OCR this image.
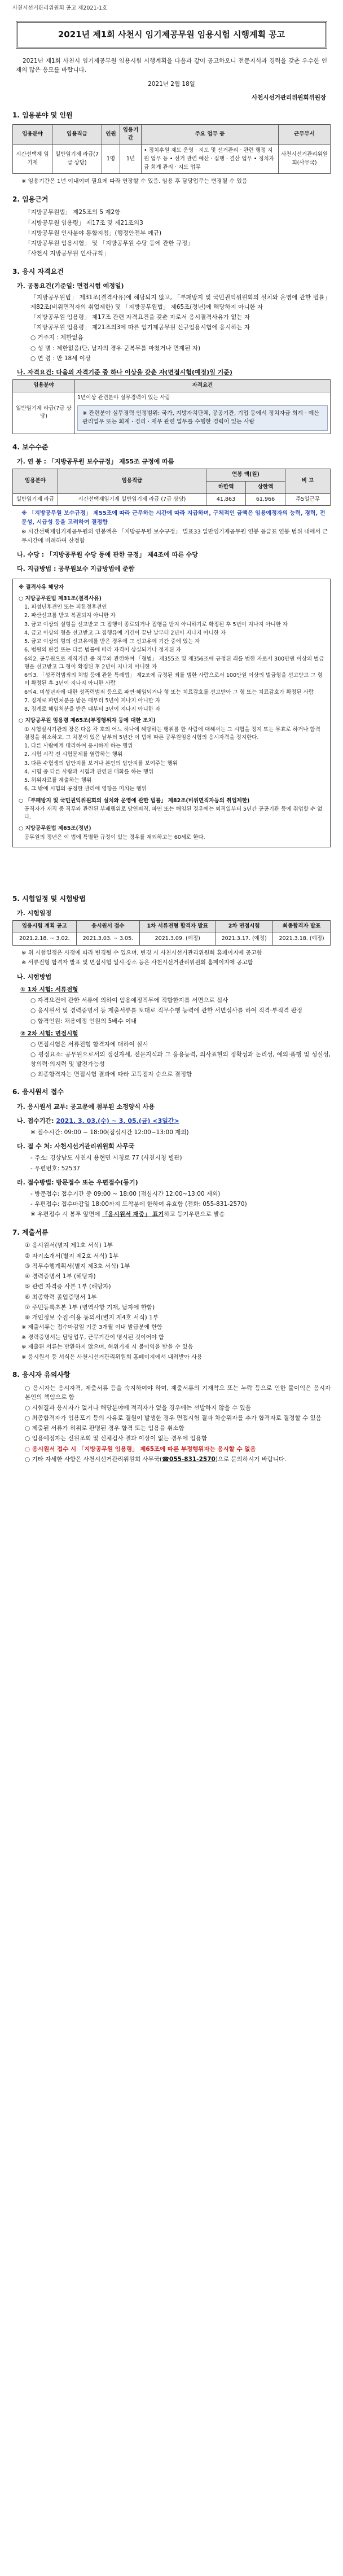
사천시선거관리위원회 공고 제2021-1호
2021년 제1회 사천시 임기제공무원 임용시험 시행계획 공고

2021년 제1회 사천시 임기제공무원 임용시험 시행계획을 다음과 같이 공고하오니 전문지식과 경력을 갖춘 우수한 인재의 많은 응모를 바랍니다.

2021년 2월 18일
사천시선거관리위원회위원장
1. 임용분야 및 인원
임용분야	임용직급	인원	임용기간	주요 업무 등	근무부서
시간선택제 임기제	일반임기제 라급(7급 상당)	1명	1년	• 정치후원 제도 운영 · 지도 및 선거관리 · 관련 행정 지원 업무 등 • 선거 관련 예산 · 집행 · 결산 업무 • 정치자금 회계 관리 · 지도 업무	사천시선거관리위원회(사무국)

※ 임용기간은 1년 이내이며 필요에 따라 연장할 수 있음. 임용 후 담당업무는 변경될 수 있음

2. 임용근거

「지방공무원법」 제25조의 5 제2항

「지방공무원 임용령」 제17조 및 제21조의3

「지방공무원 인사분야 통합지침」(행정안전부 예규)

「지방공무원 임용시험」 및 「지방공무원 수당 등에 관한 규정」

「사천시 지방공무원 인사규칙」

3. 응시 자격요건
가. 공통요건(기준일: 면접시험 예정일)

「지방공무원법」 제31조(결격사유)에 해당되지 않고, 「부패방지 및 국민권익위원회의 설치와 운영에 관한 법률」 제82조(비위면직자의 취업제한) 및 「지방공무원법」 제65조(정년)에 해당하지 아니한 자

「지방공무원 임용령」 제17조 관련 자격요건을 갖춘 자로서 응시결격사유가 없는 자

「지방공무원 임용령」 제21조의3에 따른 임기제공무원 신규임용시험에 응시하는 자

○ 거주지 : 제한없음

○ 성 별 : 제한없음(단, 남자의 경우 군복무를 마쳤거나 면제된 자)

○ 연 령 : 만 18세 이상

나. 자격요건: 다음의 자격기준 중 하나 이상을 갖춘 자(면접시험(예정)일 기준)
임용분야	자격요건
일반임기제 라급(7급 상당)	1년이상 관련분야 실무경력이 있는 사람
※ 관련분야 실무경력 인정범위: 국가, 지방자치단체, 공공기관, 기업 등에서 정치자금 회계 · 예산 관리업무 또는 회계 · 경리 · 재무 관련 업무를 수행한 경력이 있는 사람
4. 보수수준
가. 연 봉 : 「지방공무원 보수규정」 제55조 규정에 따름
임용분야	임용직급	연봉 액(원)		비 고
		하한액	상한액	
일반임기제 라급	시간선택제임기제 일반임기제 라급 (7급 상당)	41,863	61,966	주5일근무

※ 「지방공무원 보수규정」 제55조에 따라 근무하는 시간에 따라 지급하며, 구체적인 금액은 임용예정자의 능력, 경력, 전문성, 시급성 등을 고려하여 결정함

※ 시간선택제임기제공무원의 연봉액은 「지방공무원 보수규정」 별표33 일반임기제공무원 연봉 등급표 연봉 범위 내에서 근무시간에 비례하여 산정함

나. 수당 : 「지방공무원 수당 등에 관한 규정」 제4조에 따른 수당
다. 지급방법 : 공무원보수 지급방법에 준함
※ 결격사유 해당자
○ 지방공무원법 제31조(결격사유)

1. 피성년후견인 또는 피한정후견인

2. 파산선고를 받고 복권되지 아니한 자

3. 금고 이상의 실형을 선고받고 그 집행이 종료되거나 집행을 받지 아니하기로 확정된 후 5년이 지나지 아니한 자

4. 금고 이상의 형을 선고받고 그 집행유예 기간이 끝난 날부터 2년이 지나지 아니한 자

5. 금고 이상의 형의 선고유예를 받은 경우에 그 선고유예 기간 중에 있는 자

6. 법원의 판결 또는 다른 법률에 따라 자격이 상실되거나 정지된 자

6의2. 공무원으로 재직기간 중 직무와 관련하여 「형법」 제355조 및 제356조에 규정된 죄를 범한 자로서 300만원 이상의 벌금형을 선고받고 그 형이 확정된 후 2년이 지나지 아니한 자

6의3. 「성폭력범죄의 처벌 등에 관한 특례법」 제2조에 규정된 죄를 범한 사람으로서 100만원 이상의 벌금형을 선고받고 그 형이 확정된 후 3년이 지나지 아니한 사람

6의4. 미성년자에 대한 성폭력범죄 등으로 파면·해임되거나 형 또는 치료감호를 선고받아 그 형 또는 치료감호가 확정된 사람

7. 징계로 파면처분을 받은 때부터 5년이 지나지 아니한 자

8. 징계로 해임처분을 받은 때부터 3년이 지나지 아니한 자

○ 지방공무원 임용령 제65조(부정행위자 등에 대한 조치)

① 시험실시기관의 장은 다음 각 호의 어느 하나에 해당하는 행위를 한 사람에 대해서는 그 시험을 정지 또는 무효로 하거나 합격 결정을 취소하고, 그 처분이 있은 날부터 5년간 이 법에 따른 공무원임용시험의 응시자격을 정지한다.

1. 다른 사람에게 대리하여 응시하게 하는 행위

2. 시험 시작 전 시험문제를 열람하는 행위

3. 다른 수험생의 답안지를 보거나 본인의 답안지를 보여주는 행위

4. 시험 중 다른 사람과 시험과 관련된 대화를 하는 행위

5. 허위자료를 제출하는 행위

6. 그 밖에 시험의 공정한 관리에 영향을 미치는 행위

○ 「부패방지 및 국민권익위원회의 설치와 운영에 관한 법률」 제82조(비위면직자등의 취업제한)

공직자가 재직 중 직무와 관련된 부패행위로 당연퇴직, 파면 또는 해임된 경우에는 퇴직일부터 5년간 공공기관 등에 취업할 수 없다.

○ 지방공무원법 제65조(정년)

공무원의 정년은 이 법에 특별한 규정이 있는 경우를 제외하고는 60세로 한다.

5. 시험일정 및 시험방법
가. 시험일정
임용시험 계획 공고	응시원서 접수	1차 서류전형 합격자 발표	2차 면접시험	최종합격자 발표
2021.2.18. ~ 3.02.	2021.3.03. ~ 3.05.	2021.3.09. (예정)	2021.3.17. (예정)	2021.3.18. (예정)

※ 위 시험일정은 사정에 따라 변경될 수 있으며, 변경 시 사천시선거관리위원회 홈페이지에 공고함

※ 서류전형 합격자 발표 및 면접시험 일시·장소 등은 사천시선거관리위원회 홈페이지에 공고함

나. 시험방법
① 1차 시험: 서류전형

○ 자격요건에 관한 서류에 의하여 임용예정직무에 적합한지를 서면으로 심사

○ 응시원서 및 경력증명서 등 제출서류를 토대로 직무수행 능력에 관한 서면심사를 하여 적격·부적격 판정

○ 합격인원: 채용예정 인원의 5배수 이내

② 2차 시험: 면접시험

○ 면접시험은 서류전형 합격자에 대하여 실시

○ 평정요소: 공무원으로서의 정신자세, 전문지식과 그 응용능력, 의사표현의 정확성과 논리성, 예의·품행 및 성실성, 창의력·의지력 및 발전가능성

○ 최종합격자는 면접시험 결과에 따라 고득점자 순으로 결정함

6. 응시원서 접수
가. 응시원서 교부: 공고문에 첨부된 소정양식 사용
나. 접수기간: 2021. 3. 03.(수) ~ 3. 05.(금) <3일간>

※ 접수시간: 09:00 ~ 18:00(점심시간 12:00~13:00 제외)

다. 접 수 처: 사천시선거관리위원회 사무국

- 주소: 경상남도 사천시 용현면 시청로 77 (사천시청 별관)

- 우편번호: 52537

라. 접수방법: 방문접수 또는 우편접수(등기)

- 방문접수: 접수기간 중 09:00 ~ 18:00 (점심시간 12:00~13:00 제외)

- 우편접수: 접수마감일 18:00까지 도착분에 한하여 유효함 (전화: 055-831-2570)

※ 우편접수 시 봉투 앞면에 「응시원서 재중」 표기하고 등기우편으로 발송

7. 제출서류

① 응시원서(별지 제1호 서식) 1부

② 자기소개서(별지 제2호 서식) 1부

③ 직무수행계획서(별지 제3호 서식) 1부

④ 경력증명서 1부 (해당자)

⑤ 관련 자격증 사본 1부 (해당자)

⑥ 최종학력 졸업증명서 1부

⑦ 주민등록초본 1부 (병역사항 기재, 남자에 한함)

⑧ 개인정보 수집·이용 동의서(별지 제4호 서식) 1부

※ 제출서류는 접수마감일 기준 3개월 이내 발급분에 한함

※ 경력증명서는 담당업무, 근무기간이 명시된 것이어야 함

※ 제출된 서류는 반환하지 않으며, 허위기재 시 불이익을 받을 수 있음

※ 응시원서 등 서식은 사천시선거관리위원회 홈페이지에서 내려받아 사용

8. 응시자 유의사항

○ 응시자는 응시자격, 제출서류 등을 숙지하여야 하며, 제출서류의 기재착오 또는 누락 등으로 인한 불이익은 응시자 본인의 책임으로 함

○ 시험결과 응시자가 없거나 해당분야에 적격자가 없을 경우에는 선발하지 않을 수 있음

○ 최종합격자가 임용포기 등의 사유로 결원이 발생한 경우 면접시험 결과 차순위자를 추가 합격자로 결정할 수 있음

○ 제출된 서류가 허위로 판명된 경우 합격 또는 임용을 취소함

○ 임용예정자는 신원조회 및 신체검사 결과 이상이 없는 경우에 임용함

○ 응시원서 접수 시 「지방공무원 임용령」 제65조에 따른 부정행위자는 응시할 수 없음

○ 기타 자세한 사항은 사천시선거관리위원회 사무국(☎055-831-2570)으로 문의하시기 바랍니다.
